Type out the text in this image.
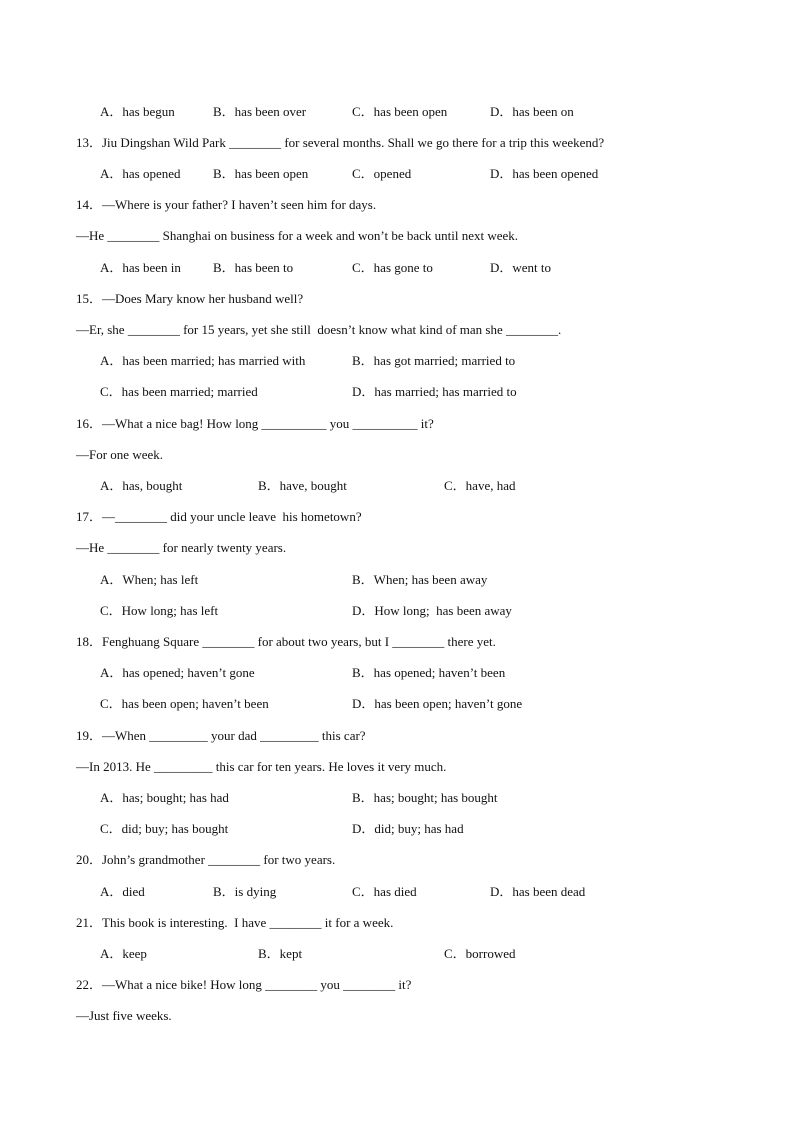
A．has begun	B．has been over	C．has been open	D．has been on
13．Jiu Dingshan Wild Park ________ for several months. Shall we go there for a trip this weekend?
A．has opened B．has been open	C．opened	D．has been opened
14．—Where is your father? I haven’t seen him for days.
—He ________ Shanghai on business for a week and won’t be back until next week.
A．has been in B．has been to	C．has gone to	D．went to
15．—Does Mary know her husband well?
—Er, she ________ for 15 years, yet she still  doesn’t know what kind of man she ________.
A．has been married; has married with	B．has got married; married to
C．has been married; married	D．has married; has married to
16．—What a nice bag! How long __________ you __________ it?
—For one week.
A．has, bought	B．have, bought	C．have, had
17．—________ did your uncle leave  his hometown?
—He ________ for nearly twenty years.
A．When; has left	B．When; has been away
C．How long; has left	D．How long;  has been away
18．Fenghuang Square ________ for about two years, but I ________ there yet.
A．has opened; haven’t gone	B．has opened; haven’t been
C．has been open; haven’t been	D．has been open; haven’t gone
19．—When _________ your dad _________ this car?
—In 2013. He _________ this car for ten years. He loves it very much.
A．has; bought; has had	B．has; bought; has bought
C．did; buy; has bought	D．did; buy; has had
20．John’s grandmother ________ for two years.
A．died	B．is dying	C．has died	D．has been dead
21．This book is interesting.  I have ________ it for a week.
A．keep	B．kept	C．borrowed
22．—What a nice bike! How long ________ you ________ it?
—Just five weeks.
